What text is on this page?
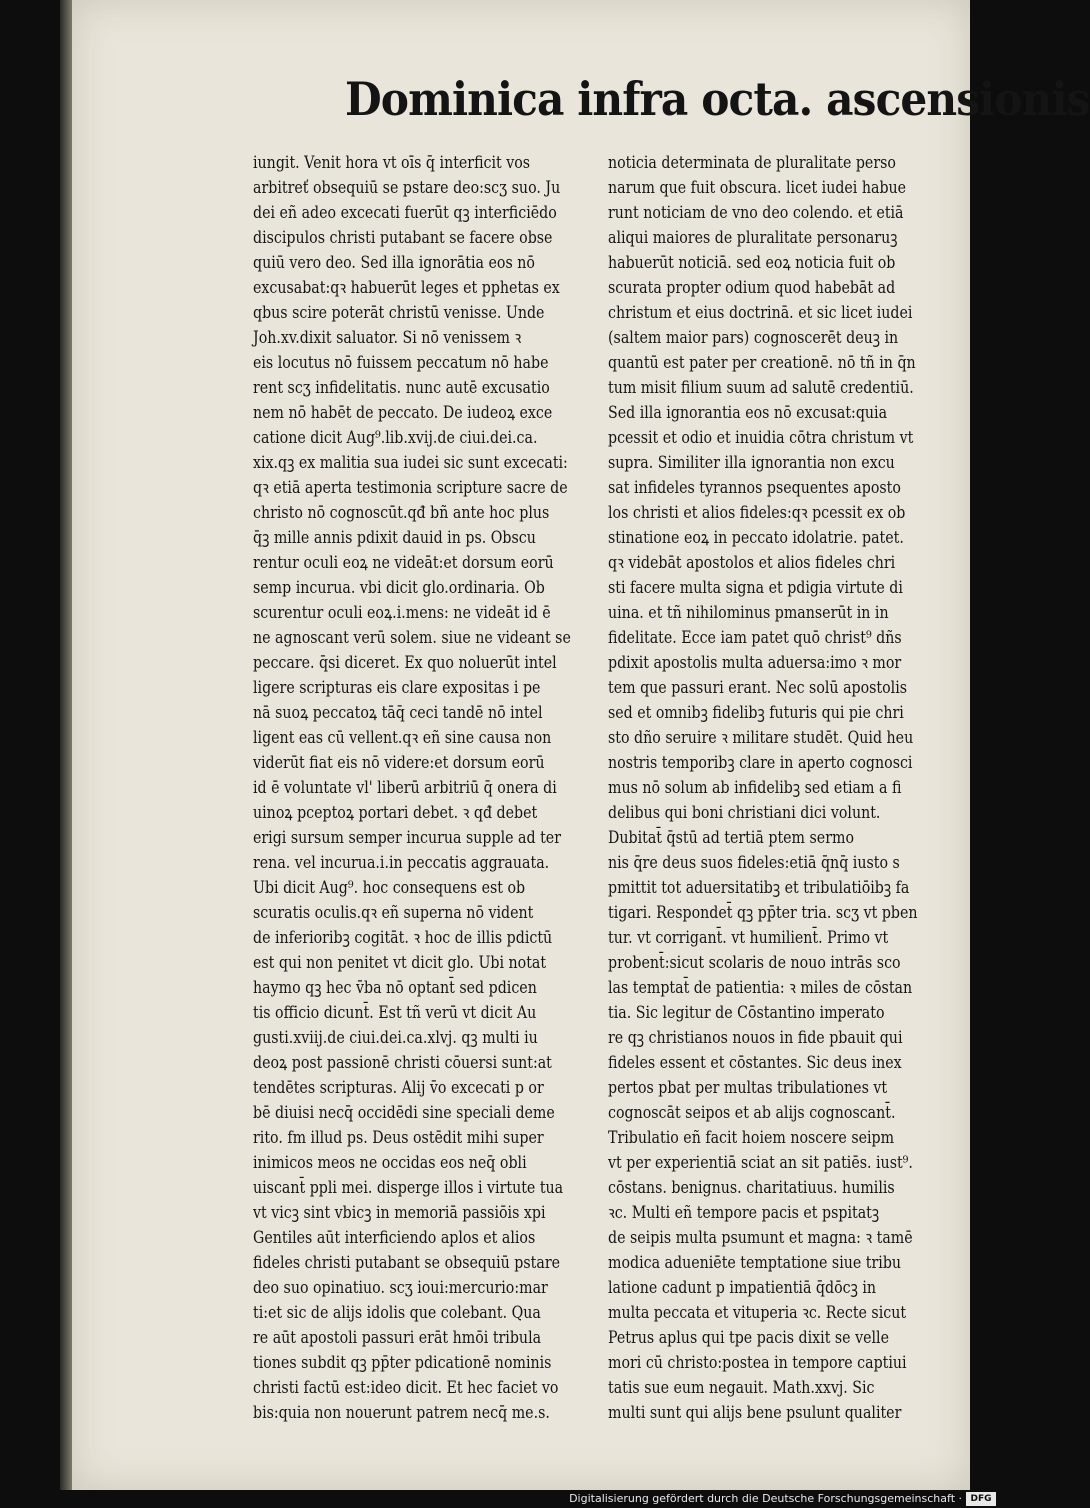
Dominica infra octa. ascensionis
iungit. Venit hora vt oīs q̄ interficit vos
arbitreť obsequiū se pstare deo:scʒ suo. Ju
dei eñ adeo excecati fuerūt qꝫ interficiēdo
discipulos christi putabant se facere obse
quiū vero deo. Sed illa ignorātia eos nō
excusabat:qꝛ habuerūt leges et pphetas ex
qbus scire poterāt christū venisse. Unde
Joh.xv.dixit saluator. Si nō venissem ꝛ
eis locutus nō fuissem peccatum nō habe
rent scʒ infidelitatis. nunc autē excusatio
nem nō habēt de peccato. De iudeoꝝ exce
catione dicit Aug⁹.lib.xvij.de ciui.dei.ca.
xix.qꝫ ex malitia sua iudei sic sunt excecati:
qꝛ etiā aperta testimonia scripture sacre de
christo nō cognoscūt.qđ bñ ante hoc plus
q̄ꝫ mille annis pdixit dauid in ps. Obscu
rentur oculi eoꝝ ne videāt:et dorsum eorū
semp incurua. vbi dicit glo.ordinaria. Ob
scurentur oculi eoꝝ.i.mens: ne videāt id ē
ne agnoscant verū solem. siue ne videant se
peccare. q̄si diceret. Ex quo noluerūt intel
ligere scripturas eis clare expositas i pe
nā suoꝝ peccatoꝝ tāq̄ ceci tandē nō intel
ligent eas cū vellent.qꝛ eñ sine causa non
viderūt fiat eis nō videre:et dorsum eorū
id ē voluntate vl' liberū arbitriū q̄ onera di
uinoꝝ pceptoꝝ portari debet. ꝛ qđ debet
erigi sursum semper incurua supple ad ter
rena. vel incurua.i.in peccatis aggrauata.
Ubi dicit Aug⁹. hoc consequens est ob
scuratis oculis.qꝛ eñ superna nō vident
de inferioribꝫ cogitāt. ꝛ hoc de illis pdictū
est qui non penitet vt dicit glo. Ubi notat
haymo qꝫ hec v̄ba nō optant̄ sed pdicen
tis officio dicunt̄. Est tñ verū vt dicit Au
gusti.xviij.de ciui.dei.ca.xlvj. qꝫ multi iu
deoꝝ post passionē christi cōuersi sunt:at
tendētes scripturas. Alij v̄o excecati p or
bē diuisi necq̄ occidēdi sine speciali deme
rito. fm illud ps. Deus ostēdit mihi super
inimicos meos ne occidas eos neq̄ obli
uiscant̄ ppli mei. disperge illos i virtute tua
vt vicꝫ sint vbicꝫ in memoriā passiōis xpi
Gentiles aūt interficiendo aplos et alios
fideles christi putabant se obsequiū pstare
deo suo opinatiuo. scʒ ioui:mercurio:mar
ti:et sic de alijs idolis que colebant. Qua
re aūt apostoli passuri erāt hmōi tribula
tiones subdit qꝫ pp̄ter pdicationē nominis
christi factū est:ideo dicit. Et hec faciet vo
bis:quia non nouerunt patrem necq̄ me.s.
noticia determinata de pluralitate perso
narum que fuit obscura. licet iudei habue
runt noticiam de vno deo colendo. et etiā
aliqui maiores de pluralitate personaruꝫ
habuerūt noticiā. sed eoꝝ noticia fuit ob
scurata propter odium quod habebāt ad
christum et eius doctrinā. et sic licet iudei
(saltem maior pars) cognoscerēt deuꝫ in
quantū est pater per creationē. nō tñ in q̄n
tum misit filium suum ad salutē credentiū.
Sed illa ignorantia eos nō excusat:quia
pcessit et odio et inuidia cōtra christum vt
supra. Similiter illa ignorantia non excu
sat infideles tyrannos psequentes aposto
los christi et alios fideles:qꝛ pcessit ex ob
stinatione eoꝝ in peccato idolatrie. patet.
qꝛ videbāt apostolos et alios fideles chri
sti facere multa signa et pdigia virtute di
uina. et tñ nihilominus pmanserūt in in
fidelitate. Ecce iam patet quō christ⁹ dñs
pdixit apostolis multa aduersa:imo ꝛ mor
tem que passuri erant. Nec solū apostolis
sed et omnibꝫ fidelibꝫ futuris qui pie chri
sto dño seruire ꝛ militare studēt. Quid heu
nostris temporibꝫ clare in aperto cognosci
mus nō solum ab infidelibꝫ sed etiam a fi
delibus qui boni christiani dici volunt.
Dubitat̄ q̄stū ad tertiā ptem sermo
nis q̄re deus suos fideles:etiā q̄nq̄ iusto s
pmittit tot aduersitatibꝫ et tribulatiōibꝫ fa
tigari. Respondet̄ qꝫ pp̄ter tria. scʒ vt pben
tur. vt corrigant̄. vt humilient̄. Primo vt
probent̄:sicut scolaris de nouo intrās sco
las temptat̄ de patientia: ꝛ miles de cōstan
tia. Sic legitur de Cōstantino imperato
re qꝫ christianos nouos in fide pbauit qui
fideles essent et cōstantes. Sic deus inex
pertos pbat per multas tribulationes vt
cognoscāt seipos et ab alijs cognoscant̄.
Tribulatio eñ facit hoiem noscere seipm
vt per experientiā sciat an sit patiēs. iust⁹.
cōstans. benignus. charitatiuus. humilis
ꝛc. Multi eñ tempore pacis et pspitatꝫ
de seipis multa psumunt et magna: ꝛ tamē
modica adueniēte temptatione siue tribu
latione cadunt p impatientiā q̄dōcꝫ in
multa peccata et vituperia ꝛc. Recte sicut
Petrus aplus qui tpe pacis dixit se velle
mori cū christo:postea in tempore captiui
tatis sue eum negauit. Math.xxvj. Sic
multi sunt qui alijs bene psulunt qualiter
Digitalisierung gefördert durch die Deutsche Forschungsgemeinschaft · DFG
